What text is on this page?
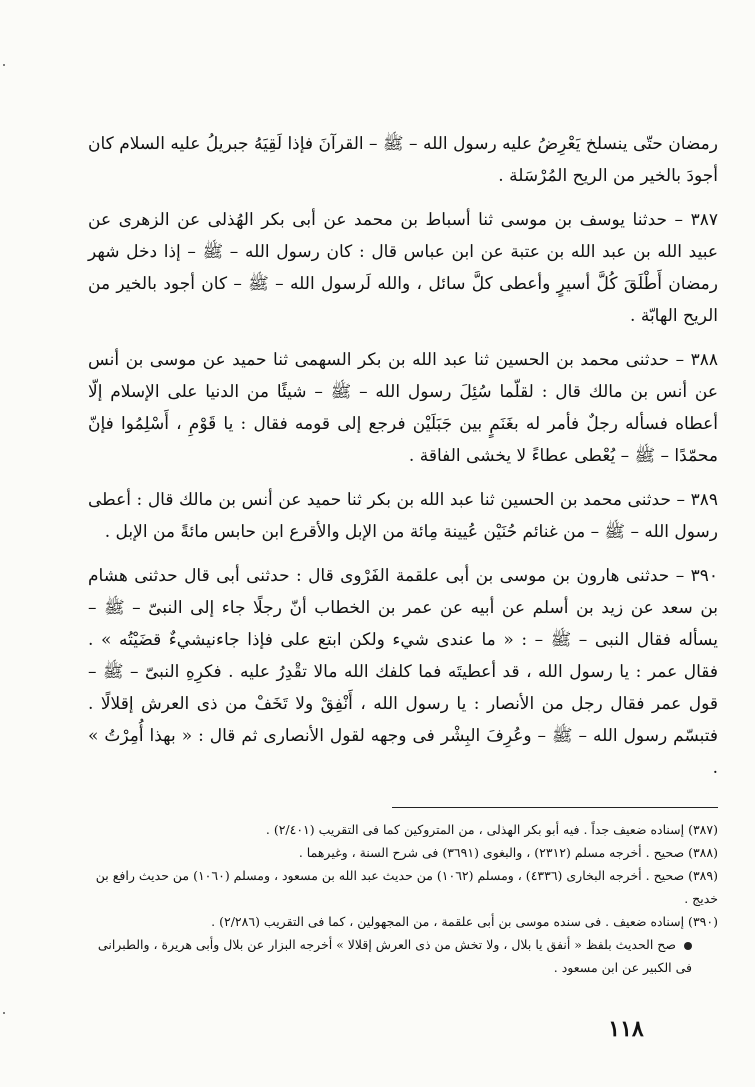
رمضان حتّى ينسلخ يَعْرِضُ عليه رسول الله – ﷺ – القرآنَ فإذا لَقِيَهُ جبريلُ عليه السلام كان أجودَ بالخير من الريح المُرْسَلة .

٣٨٧ – حدثنا يوسف بن موسى ثنا أسباط بن محمد عن أبى بكر الهُذلى عن الزهرى عن عبيد الله بن عبد الله بن عتبة عن ابن عباس قال : كان رسول الله – ﷺ – إذا دخل شهر رمضان أَطْلَقَ كُلَّ أسيرٍ وأعطى كلَّ سائل ، والله لَرسول الله – ﷺ – كان أجود بالخير من الريح الهابّة .

٣٨٨ – حدثنى محمد بن الحسين ثنا عبد الله بن بكر السهمى ثنا حميد عن موسى بن أنس عن أنس بن مالك قال : لقلّما سُئِلَ رسول الله – ﷺ – شيئًا من الدنيا على الإسلام إلّا أعطاه فسأله رجلٌ فأمر له بغَنَمٍ بين جَبَلَيْن فرجع إلى قومه فقال : يا قَوْمِ ، أَسْلِمُوا فإنّ محمّدًا – ﷺ – يُعْطى عطاءً لا يخشى الفاقة .

٣٨٩ – حدثنى محمد بن الحسين ثنا عبد الله بن بكر ثنا حميد عن أنس بن مالك قال : أعطى رسول الله – ﷺ – من غنائم حُنَيْن عُيينة مِائة من الإبل والأقرع ابن حابس مائةً من الإبل .

٣٩٠ – حدثنى هارون بن موسى بن أبى علقمة الفَرْوى قال : حدثنى أبى قال حدثنى هشام بن سعد عن زيد بن أسلم عن أبيه عن عمر بن الخطاب أنّ رجلًا جاء إلى النبىّ – ﷺ – يسأله فقال النبى – ﷺ – : « ما عندى شيء ولكن ابتع على فإذا جاءنيشيءٌ قضَيْتُه » . فقال عمر : يا رسول الله ، قد أعطيتَه فما كلفك الله مالا تقْدِرُ عليه . فكرِهِ النبىّ – ﷺ – قول عمر فقال رجل من الأنصار : يا رسول الله ، أَنْفِقْ ولا تَخَفْ من ذى العرش إقلالًا . فتبسّم رسول الله – ﷺ – وعُرِفَ البِشْر فى وجهه لقول الأنصارى ثم قال : « بهذا أُمِرْتُ » .

(٣٨٧) إسناده ضعيف جداً . فيه أبو بكر الهذلى ، من المتروكين كما فى التقريب (٢/٤٠١) .

(٣٨٨) صحيح . أخرجه مسلم (٢٣١٢) ، والبغوى (٣٦٩١) فى شرح السنة ، وغيرهما .

(٣٨٩) صحيح . أخرجه البخارى (٤٣٣٦) ، ومسلم (١٠٦٢) من حديث عبد الله بن مسعود ، ومسلم (١٠٦٠) من حديث رافع بن خديج .

(٣٩٠) إسناده ضعيف . فى سنده موسى بن أبى علقمة ، من المجهولين ، كما فى التقريب (٢/٢٨٦) .

صح الحديث بلفظ « أنفق يا بلال ، ولا تخش من ذى العرش إقلالا » أخرجه البزار عن بلال وأبى هريرة ، والطبرانى فى الكبير عن ابن مسعود .

١١٨
